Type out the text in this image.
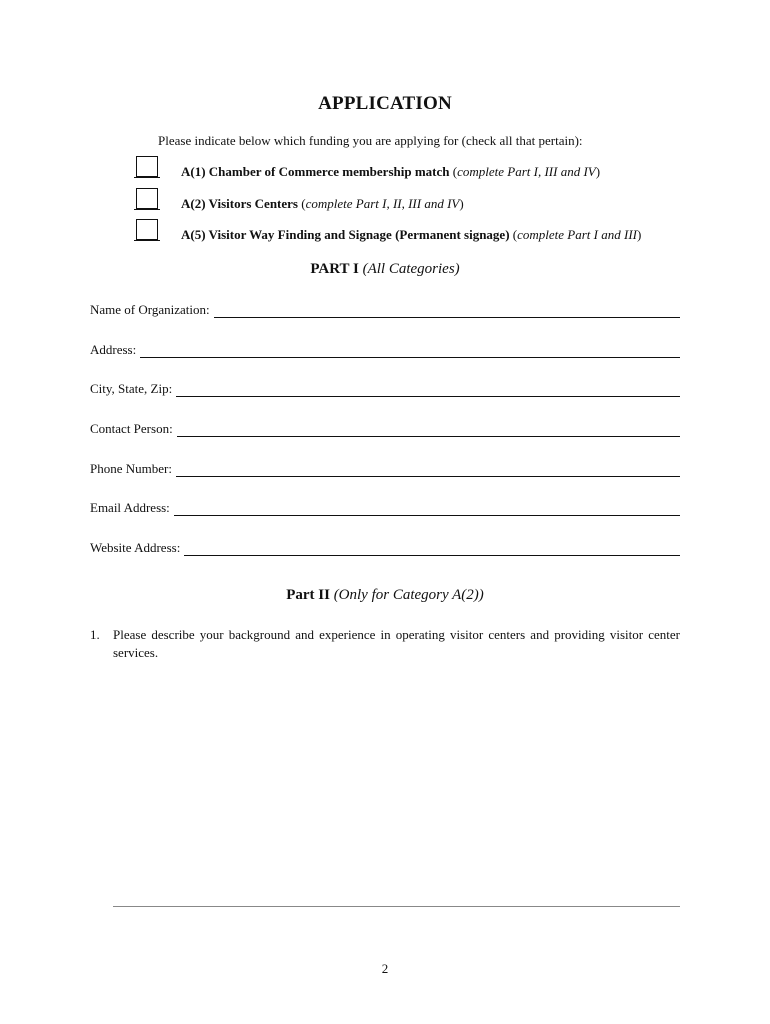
APPLICATION
Please indicate below which funding you are applying for (check all that pertain):
A(1) Chamber of Commerce membership match (complete Part I, III and IV)
A(2) Visitors Centers (complete Part I, II, III and IV)
A(5) Visitor Way Finding and Signage (Permanent signage) (complete Part I and III)
PART I (All Categories)
Name of Organization:
Address:
City, State, Zip:
Contact Person:
Phone Number:
Email Address:
Website Address:
Part II (Only for Category A(2))
1. Please describe your background and experience in operating visitor centers and providing visitor center services.
2
